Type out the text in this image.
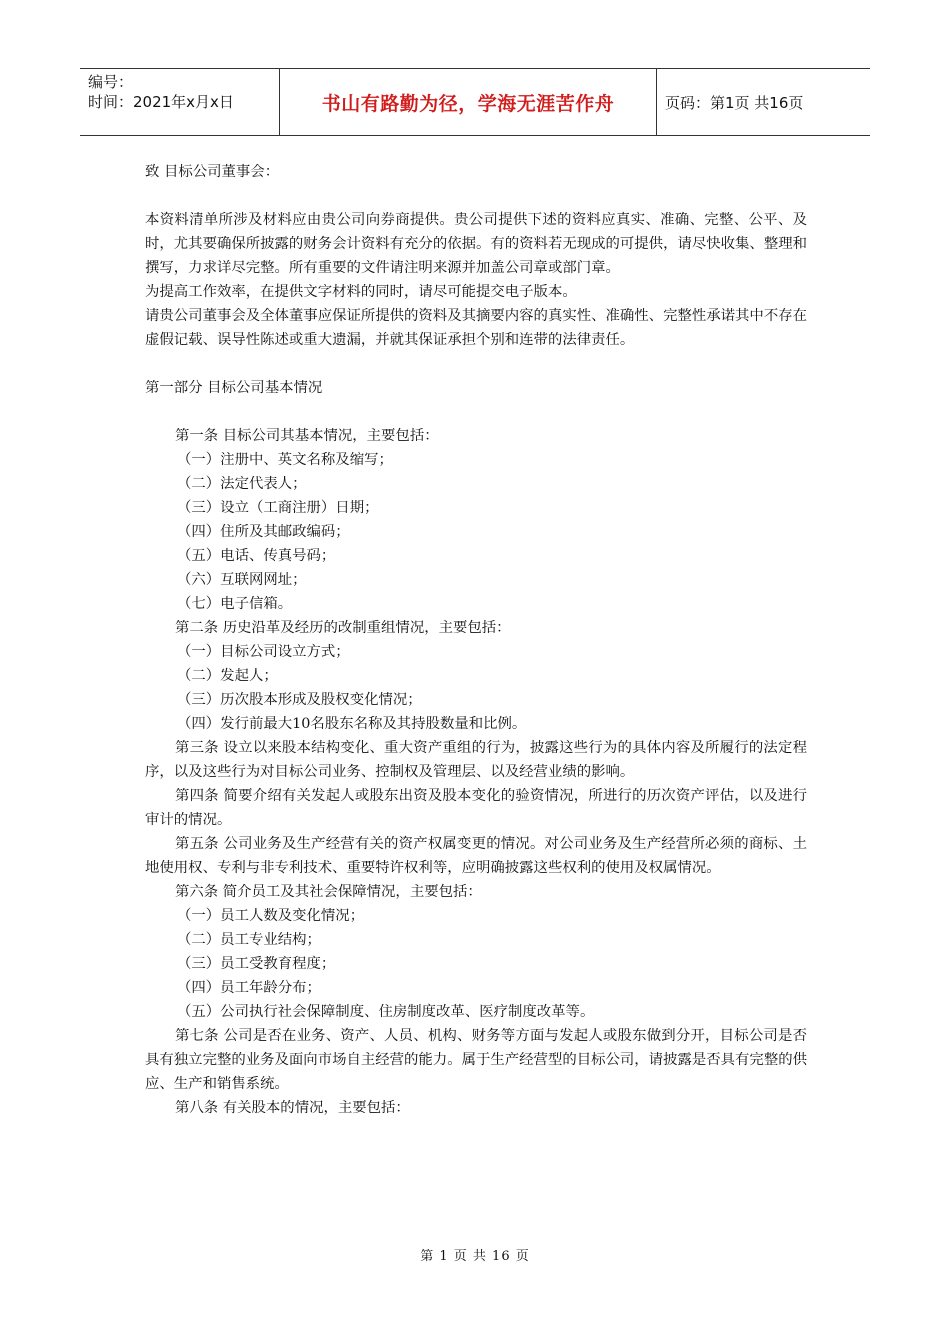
编号：
时间：2021年x月x日	书山有路勤为径，学海无涯苦作舟	页码：第1页 共16页

致 目标公司董事会：

本资料清单所涉及材料应由贵公司向券商提供。贵公司提供下述的资料应真实、准确、完整、公平、及时，尤其要确保所披露的财务会计资料有充分的依据。有的资料若无现成的可提供，请尽快收集、整理和撰写，力求详尽完整。所有重要的文件请注明来源并加盖公司章或部门章。

为提高工作效率，在提供文字材料的同时，请尽可能提交电子版本。

请贵公司董事会及全体董事应保证所提供的资料及其摘要内容的真实性、准确性、完整性承诺其中不存在虚假记载、误导性陈述或重大遗漏，并就其保证承担个别和连带的法律责任。

第一部分 目标公司基本情况

第一条 目标公司其基本情况，主要包括：

（一）注册中、英文名称及缩写；

（二）法定代表人；

（三）设立（工商注册）日期；

（四）住所及其邮政编码；

（五）电话、传真号码；

（六）互联网网址；

（七）电子信箱。

第二条 历史沿革及经历的改制重组情况，主要包括：

（一）目标公司设立方式；

（二）发起人；

（三）历次股本形成及股权变化情况；

（四）发行前最大10名股东名称及其持股数量和比例。

第三条 设立以来股本结构变化、重大资产重组的行为，披露这些行为的具体内容及所履行的法定程序，以及这些行为对目标公司业务、控制权及管理层、以及经营业绩的影响。

第四条 简要介绍有关发起人或股东出资及股本变化的验资情况，所进行的历次资产评估，以及进行审计的情况。

第五条 公司业务及生产经营有关的资产权属变更的情况。对公司业务及生产经营所必须的商标、土地使用权、专利与非专利技术、重要特许权利等，应明确披露这些权利的使用及权属情况。

第六条 简介员工及其社会保障情况，主要包括：

（一）员工人数及变化情况；

（二）员工专业结构；

（三）员工受教育程度；

（四）员工年龄分布；

（五）公司执行社会保障制度、住房制度改革、医疗制度改革等。

第七条 公司是否在业务、资产、人员、机构、财务等方面与发起人或股东做到分开，目标公司是否具有独立完整的业务及面向市场自主经营的能力。属于生产经营型的目标公司，请披露是否具有完整的供应、生产和销售系统。

第八条 有关股本的情况，主要包括：

第 1 页 共 16 页
